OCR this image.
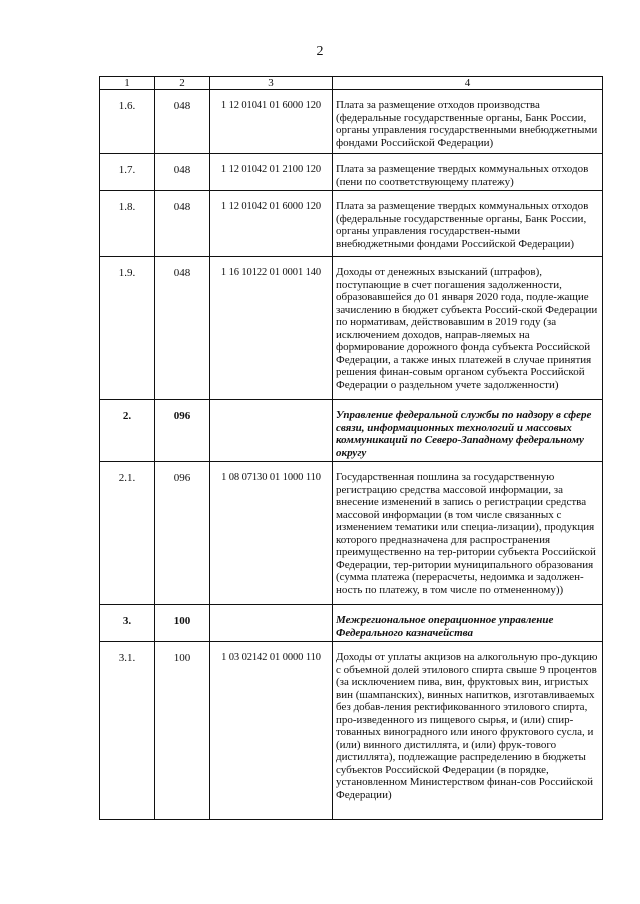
2
1	2	3	4
1.6.	048	1 12 01041 01 6000 120	Плата за размещение отходов производства (федеральные государственные органы, Банк России, органы управления государственными внебюджетными фондами Российской Федерации)
1.7.	048	1 12 01042 01 2100 120	Плата за размещение твердых коммунальных отходов (пени по соответствующему платежу)
1.8.	048	1 12 01042 01 6000 120	Плата за размещение твердых коммунальных отходов (федеральные государственные органы, Банк России, органы управления государствен-ными внебюджетными фондами Российской Федерации)
1.9.	048	1 16 10122 01 0001 140	Доходы от денежных взысканий (штрафов), поступающие в счет погашения задолженности, образовавшейся до 01 января 2020 года, подле-жащие зачислению в бюджет субъекта Россий-ской Федерации по нормативам, действовавшим в 2019 году (за исключением доходов, направ-ляемых на формирование дорожного фонда субъекта Российской Федерации, а также иных платежей в случае принятия решения финан-совым органом субъекта Российской Федерации о раздельном учете задолженности)
2.	096		Управление федеральной службы по надзору в сфере связи, информационных технологий и массовых коммуникаций по Северо-Западному федеральному округу
2.1.	096	1 08 07130 01 1000 110	Государственная пошлина за государственную регистрацию средства массовой информации, за внесение изменений в запись о регистрации средства массовой информации (в том числе связанных с изменением тематики или специа-лизации), продукция которого предназначена для распространения преимущественно на тер-ритории субъекта Российской Федерации, тер-ритории муниципального образования (сумма платежа (перерасчеты, недоимка и задолжен-ность по платежу, в том числе по отмененному))
3.	100		Межрегиональное операционное управление Федерального казначейства
3.1.	100	1 03 02142 01 0000 110	Доходы от уплаты акцизов на алкогольную про-дукцию с объемной долей этилового спирта свыше 9 процентов (за исключением пива, вин, фруктовых вин, игристых вин (шампанских), винных напитков, изготавливаемых без добав-ления ректификованного этилового спирта, про-изведенного из пищевого сырья, и (или) спир-тованных виноградного или иного фруктового сусла, и (или) винного дистиллята, и (или) фрук-тового дистиллята), подлежащие распределению в бюджеты субъектов Российской Федерации (в порядке, установленном Министерством финан-сов Российской Федерации)
